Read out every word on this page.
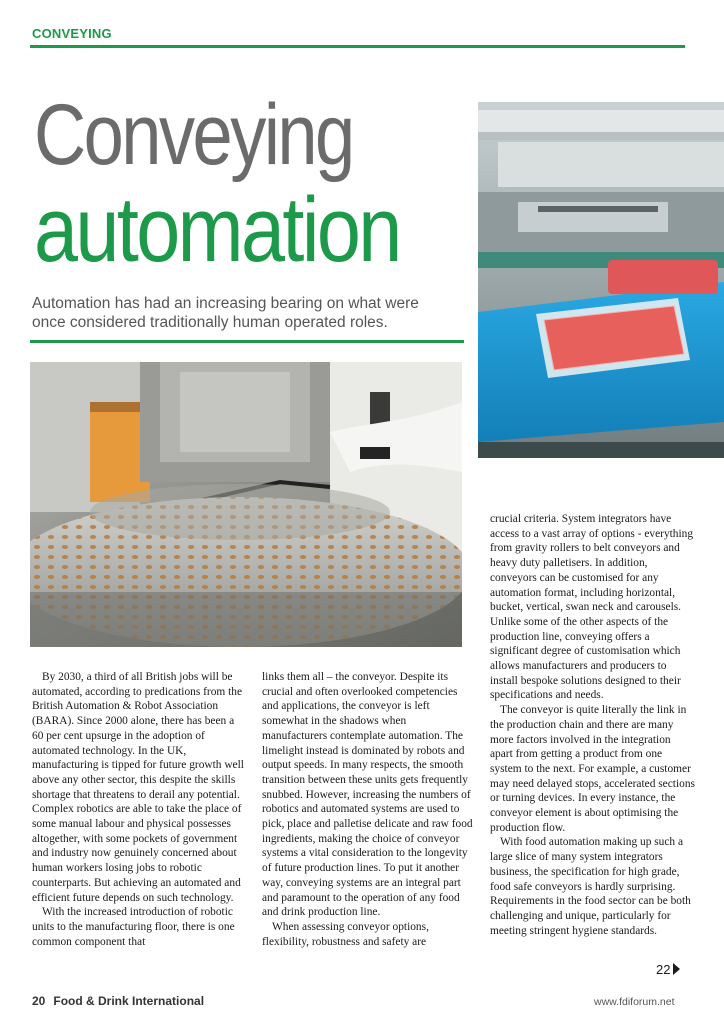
CONVEYING
Conveying
automation
Automation has had an increasing bearing on what were once considered traditionally human operated roles.

By 2030, a third of all British jobs will be automated, according to predications from the British Automation & Robot Association (BARA). Since 2000 alone, there has been a 60 per cent upsurge in the adoption of automated technology. In the UK, manufacturing is tipped for future growth well above any other sector, this despite the skills shortage that threatens to derail any potential. Complex robotics are able to take the place of some manual labour and physical possesses altogether, with some pockets of government and industry now genuinely concerned about human workers losing jobs to robotic counterparts. But achieving an automated and efficient future depends on such technology.

With the increased introduction of robotic units to the manufacturing floor, there is one common component that

links them all – the conveyor. Despite its crucial and often overlooked competencies and applications, the conveyor is left somewhat in the shadows when manufacturers contemplate automation. The limelight instead is dominated by robots and output speeds. In many respects, the smooth transition between these units gets frequently snubbed. However, increasing the numbers of robotics and automated systems are used to pick, place and palletise delicate and raw food ingredients, making the choice of conveyor systems a vital consideration to the longevity of future production lines. To put it another way, conveying systems are an integral part and paramount to the operation of any food and drink production line.

When assessing conveyor options, flexibility, robustness and safety are

crucial criteria. System integrators have access to a vast array of options - everything from gravity rollers to belt conveyors and heavy duty palletisers. In addition, conveyors can be customised for any automation format, including horizontal, bucket, vertical, swan neck and carousels. Unlike some of the other aspects of the production line, conveying offers a significant degree of customisation which allows manufacturers and producers to install bespoke solutions designed to their specifications and needs.

The conveyor is quite literally the link in the production chain and there are many more factors involved in the integration apart from getting a product from one system to the next. For example, a customer may need delayed stops, accelerated sections or turning devices. In every instance, the conveyor element is about optimising the production flow.

With food automation making up such a large slice of many system integrators business, the specification for high grade, food safe conveyors is hardly surprising. Requirements in the food sector can be both challenging and unique, particularly for meeting stringent hygiene standards.

22
20 Food & Drink International	www.fdiforum.net
